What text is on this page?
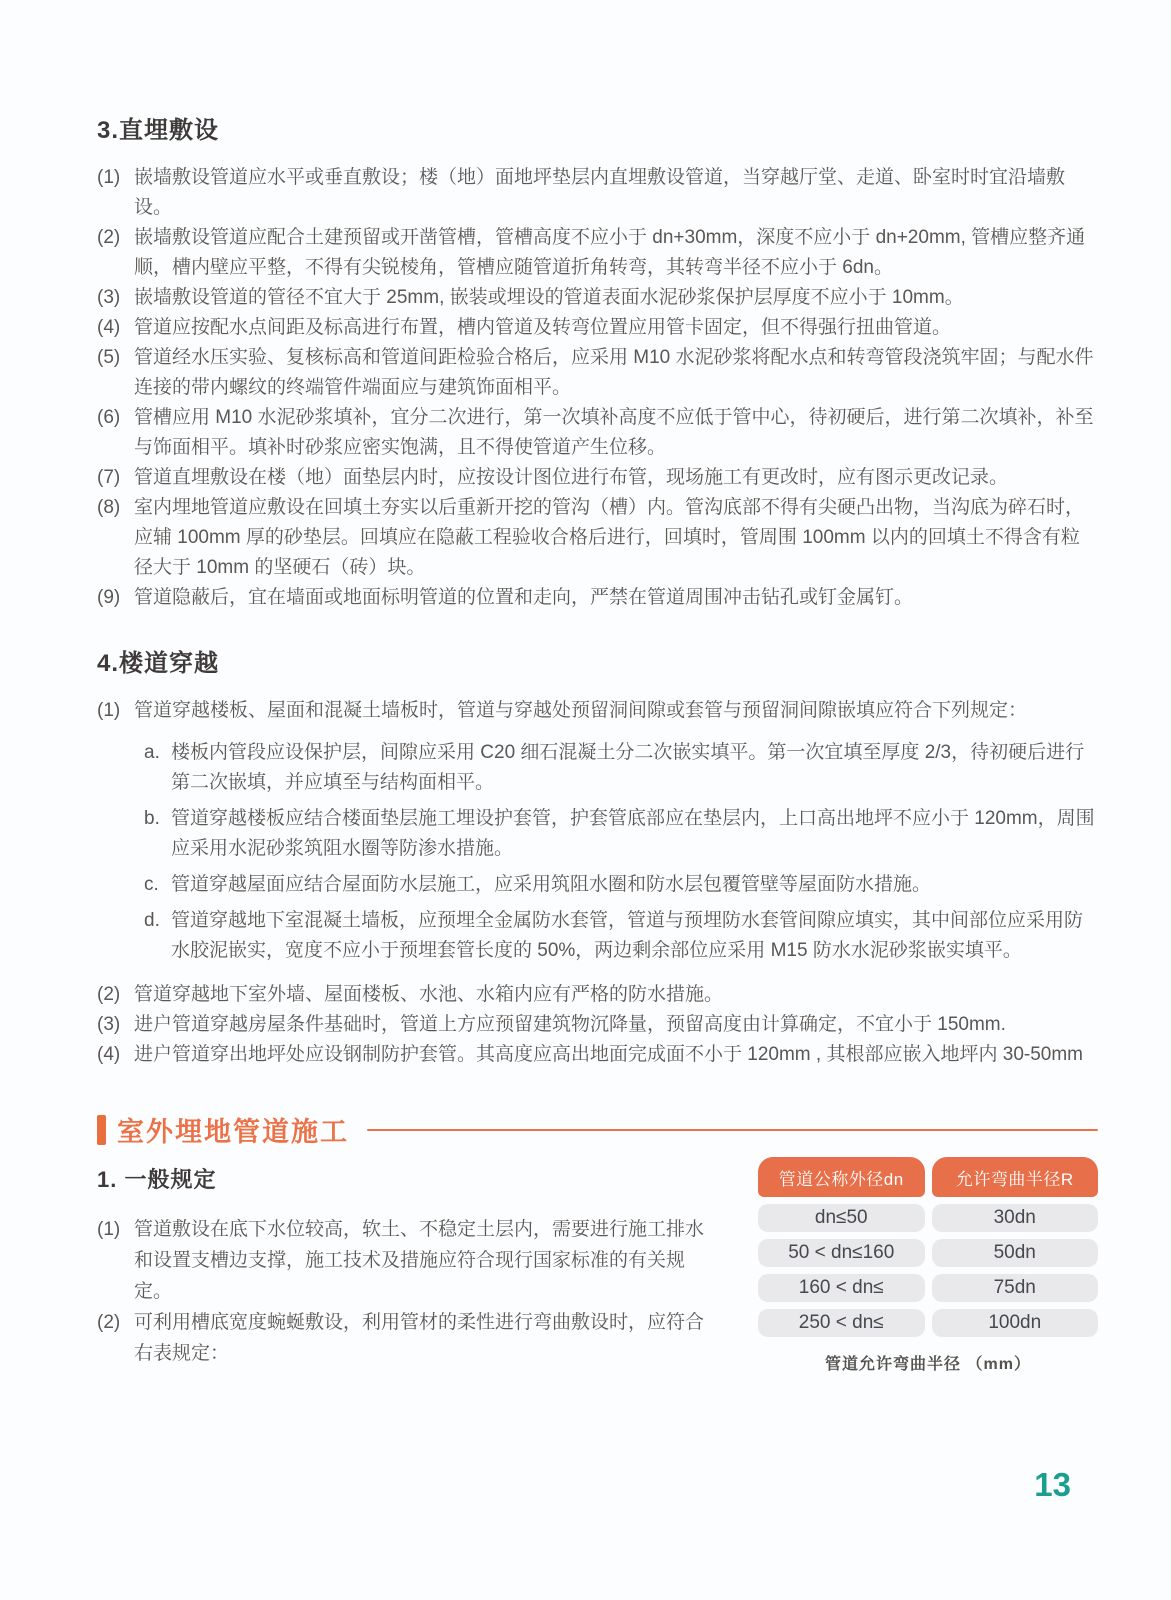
3.直埋敷设
(1) 嵌墙敷设管道应水平或垂直敷设；楼（地）面地坪垫层内直埋敷设管道，当穿越厅堂、走道、卧室时时宜沿墙敷设。
(2) 嵌墙敷设管道应配合土建预留或开凿管槽，管槽高度不应小于 dn+30mm，深度不应小于 dn+20mm, 管槽应整齐通顺，槽内壁应平整，不得有尖锐棱角，管槽应随管道折角转弯，其转弯半径不应小于 6dn。
(3) 嵌墙敷设管道的管径不宜大于 25mm, 嵌装或埋设的管道表面水泥砂浆保护层厚度不应小于 10mm。
(4) 管道应按配水点间距及标高进行布置，槽内管道及转弯位置应用管卡固定，但不得强行扭曲管道。
(5) 管道经水压实验、复核标高和管道间距检验合格后，应采用 M10 水泥砂浆将配水点和转弯管段浇筑牢固；与配水件连接的带内螺纹的终端管件端面应与建筑饰面相平。
(6) 管槽应用 M10 水泥砂浆填补，宜分二次进行，第一次填补高度不应低于管中心，待初硬后，进行第二次填补，补至与饰面相平。填补时砂浆应密实饱满，且不得使管道产生位移。
(7) 管道直埋敷设在楼（地）面垫层内时，应按设计图位进行布管，现场施工有更改时，应有图示更改记录。
(8) 室内埋地管道应敷设在回填土夯实以后重新开挖的管沟（槽）内。管沟底部不得有尖硬凸出物，当沟底为碎石时，应辅 100mm 厚的砂垫层。回填应在隐蔽工程验收合格后进行，回填时，管周围 100mm 以内的回填土不得含有粒径大于 10mm 的坚硬石（砖）块。
(9) 管道隐蔽后，宜在墙面或地面标明管道的位置和走向，严禁在管道周围冲击钻孔或钉金属钉。
4.楼道穿越
(1) 管道穿越楼板、屋面和混凝土墙板时，管道与穿越处预留洞间隙或套管与预留洞间隙嵌填应符合下列规定：
a. 楼板内管段应设保护层，间隙应采用 C20 细石混凝土分二次嵌实填平。第一次宜填至厚度 2/3，待初硬后进行第二次嵌填，并应填至与结构面相平。
b. 管道穿越楼板应结合楼面垫层施工埋设护套管，护套管底部应在垫层内，上口高出地坪不应小于 120mm，周围应采用水泥砂浆筑阻水圈等防渗水措施。
c. 管道穿越屋面应结合屋面防水层施工，应采用筑阻水圈和防水层包覆管壁等屋面防水措施。
d. 管道穿越地下室混凝土墙板，应预埋全金属防水套管，管道与预埋防水套管间隙应填实，其中间部位应采用防水胶泥嵌实，宽度不应小于预埋套管长度的 50%，两边剩余部位应采用 M15 防水水泥砂浆嵌实填平。
(2) 管道穿越地下室外墙、屋面楼板、水池、水箱内应有严格的防水措施。
(3) 进户管道穿越房屋条件基础时，管道上方应预留建筑物沉降量，预留高度由计算确定，不宜小于 150mm.
(4) 进户管道穿出地坪处应设钢制防护套管。其高度应高出地面完成面不小于 120mm , 其根部应嵌入地坪内 30-50mm
室外埋地管道施工
1. 一般规定
(1) 管道敷设在底下水位较高，软土、不稳定土层内，需要进行施工排水和设置支槽边支撑，施工技术及措施应符合现行国家标准的有关规定。
(2) 可利用槽底宽度蜿蜒敷设，利用管材的柔性进行弯曲敷设时，应符合右表规定：
管道公称外径dn	允许弯曲半径R
dn≤50	30dn
50 < dn≤160	50dn
160 < dn≤	75dn
250 < dn≤	100dn
管道允许弯曲半径 （mm）
13
